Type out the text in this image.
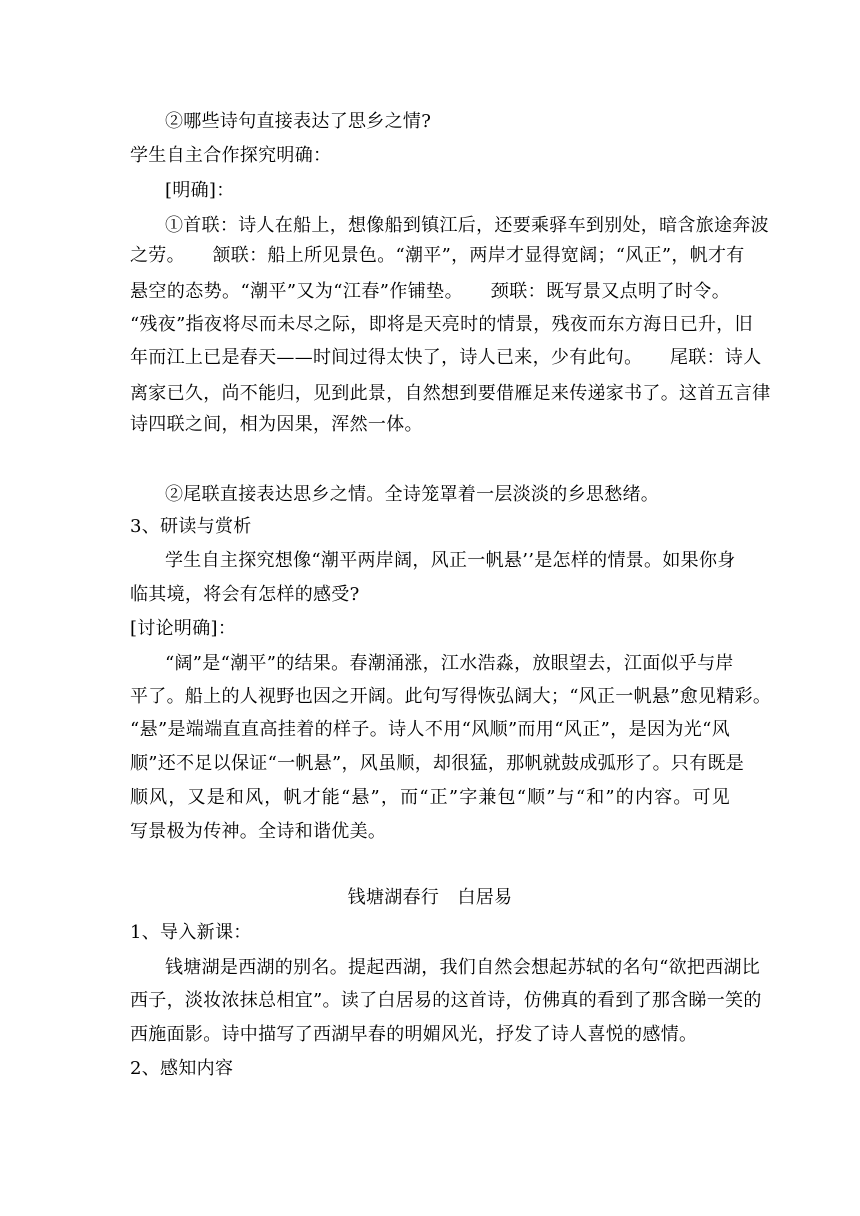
②哪些诗句直接表达了思乡之情?
学生自主合作探究明确：
[明确]：
①首联：诗人在船上，想像船到镇江后，还要乘驿车到别处，暗含旅途奔波
之劳。　　颔联：船上所见景色。“潮平”，两岸才显得宽阔；“风正”，帆才有
悬空的态势。“潮平”又为“江春”作铺垫。　　颈联：既写景又点明了时令。
“残夜”指夜将尽而未尽之际，即将是天亮时的情景，残夜而东方海日已升，旧
年而江上已是春天——时间过得太快了，诗人已来，少有此句。　　尾联：诗人
离家已久，尚不能归，见到此景，自然想到要借雁足来传递家书了。这首五言律
诗四联之间，相为因果，浑然一体。
②尾联直接表达思乡之情。全诗笼罩着一层淡淡的乡思愁绪。
3、研读与赏析
学生自主探究想像“潮平两岸阔，风正一帆悬’’是怎样的情景。如果你身
临其境，将会有怎样的感受?
[讨论明确]：
“阔”是“潮平”的结果。春潮涌涨，江水浩淼，放眼望去，江面似乎与岸
平了。船上的人视野也因之开阔。此句写得恢弘阔大；“风正一帆悬”愈见精彩。
“悬”是端端直直高挂着的样子。诗人不用“风顺”而用“风正”，是因为光“风
顺”还不足以保证“一帆悬”，风虽顺，却很猛，那帆就鼓成弧形了。只有既是
顺风，又是和风，帆才能“悬”，而“正”字兼包“顺”与“和”的内容。可见
写景极为传神。全诗和谐优美。
钱塘湖春行　白居易
1、导入新课：
钱塘湖是西湖的别名。提起西湖，我们自然会想起苏轼的名句“欲把西湖比
西子，淡妆浓抹总相宜”。读了白居易的这首诗，仿佛真的看到了那含睇一笑的
西施面影。诗中描写了西湖早春的明媚风光，抒发了诗人喜悦的感情。
2、感知内容
